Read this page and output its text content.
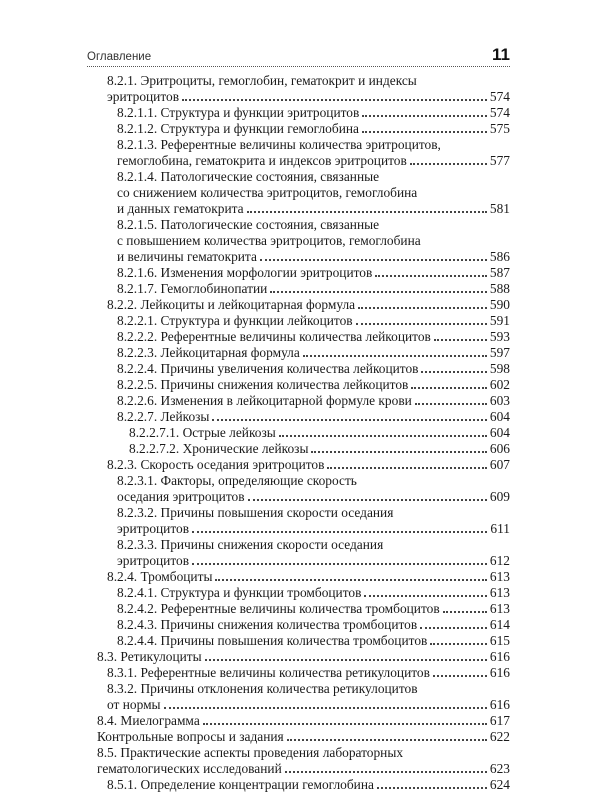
Оглавление	11
8.2.1. Эритроциты, гемоглобин, гематокрит и индексы
эритроцитов	574
8.2.1.1. Структура и функции эритроцитов	574
8.2.1.2. Структура и функции гемоглобина	575
8.2.1.3. Референтные величины количества эритроцитов,
гемоглобина, гематокрита и индексов эритроцитов	577
8.2.1.4. Патологические состояния, связанные
со снижением количества эритроцитов, гемоглобина
и данных гематокрита	581
8.2.1.5. Патологические состояния, связанные
с повышением количества эритроцитов, гемоглобина
и величины гематокрита	586
8.2.1.6. Изменения морфологии эритроцитов	587
8.2.1.7. Гемоглобинопатии	588
8.2.2. Лейкоциты и лейкоцитарная формула	590
8.2.2.1. Структура и функции лейкоцитов	591
8.2.2.2. Референтные величины количества лейкоцитов	593
8.2.2.3. Лейкоцитарная формула	597
8.2.2.4. Причины увеличения количества лейкоцитов	598
8.2.2.5. Причины снижения количества лейкоцитов	602
8.2.2.6. Изменения в лейкоцитарной формуле крови	603
8.2.2.7. Лейкозы	604
8.2.2.7.1. Острые лейкозы	604
8.2.2.7.2. Хронические лейкозы	606
8.2.3. Скорость оседания эритроцитов	607
8.2.3.1. Факторы, определяющие скорость
оседания эритроцитов	609
8.2.3.2. Причины повышения скорости оседания
эритроцитов	611
8.2.3.3. Причины снижения скорости оседания
эритроцитов	612
8.2.4. Тромбоциты	613
8.2.4.1. Структура и функции тромбоцитов	613
8.2.4.2. Референтные величины количества тромбоцитов	613
8.2.4.3. Причины снижения количества тромбоцитов	614
8.2.4.4. Причины повышения количества тромбоцитов	615
8.3. Ретикулоциты	616
8.3.1. Референтные величины количества ретикулоцитов	616
8.3.2. Причины отклонения количества ретикулоцитов
от нормы	616
8.4. Миелограмма	617
Контрольные вопросы и задания	622
8.5. Практические аспекты проведения лабораторных
гематологических исследований	623
8.5.1. Определение концентрации гемоглобина	624
